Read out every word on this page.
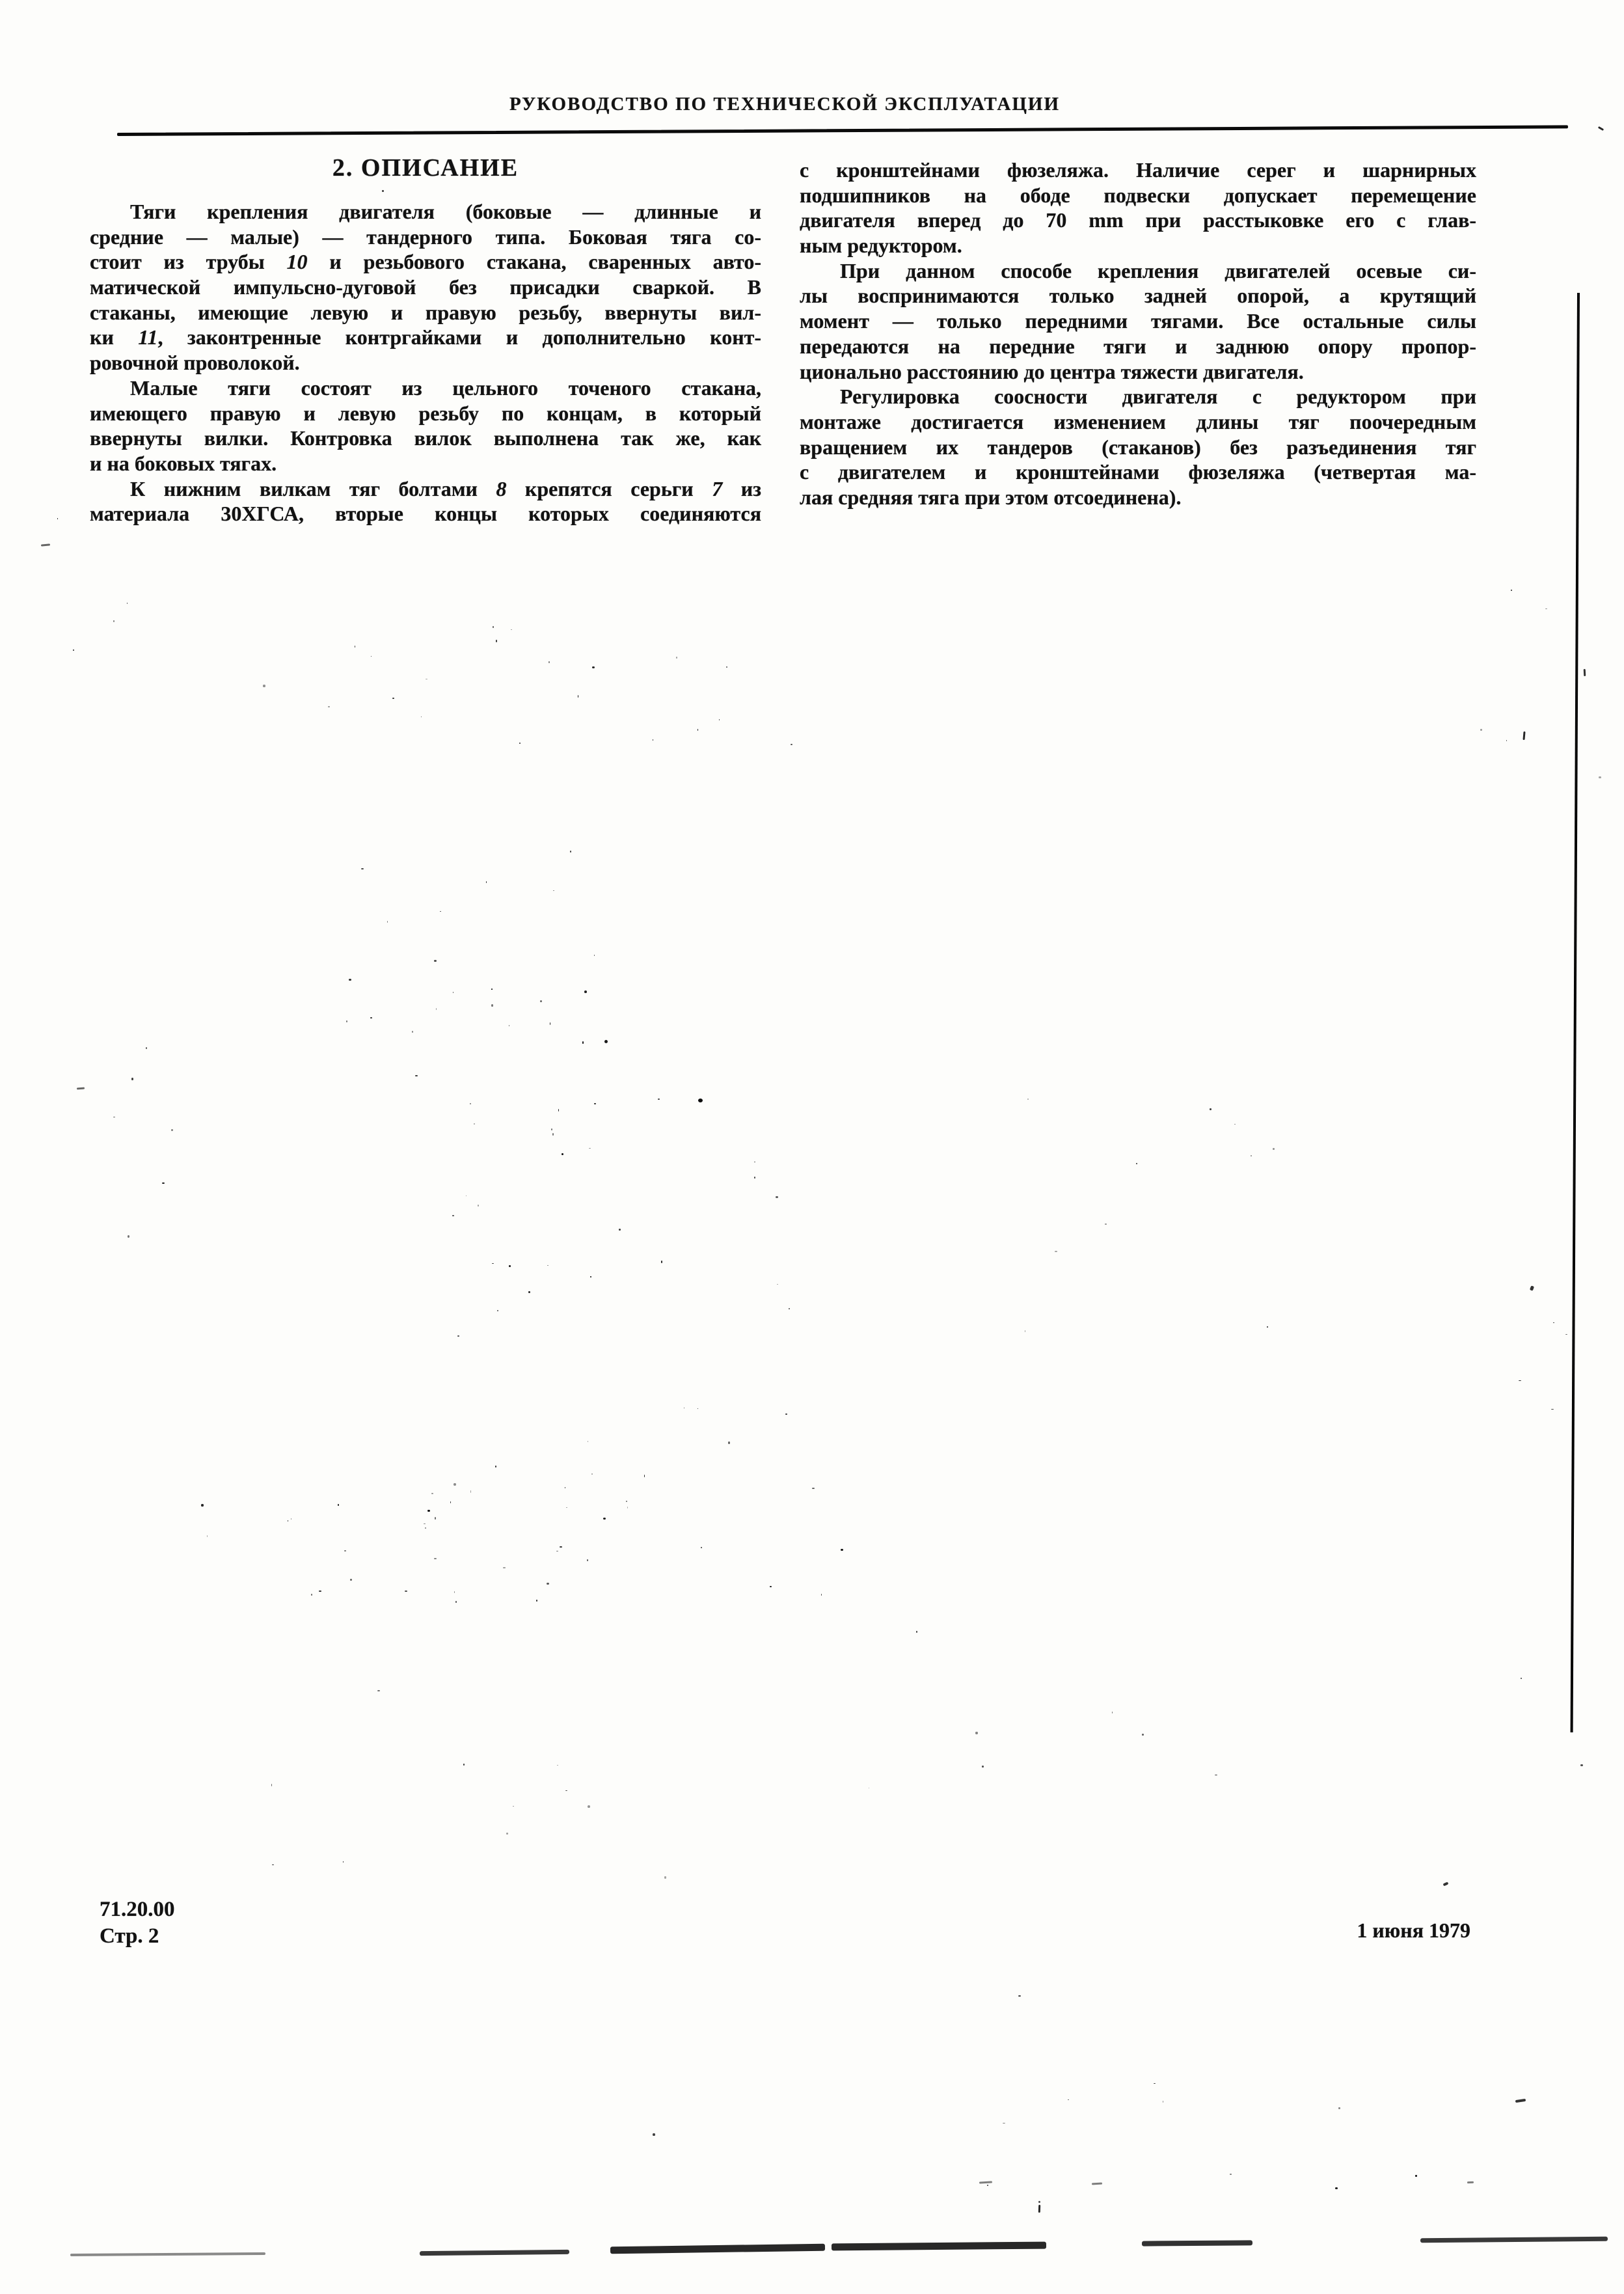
РУКОВОДСТВО ПО ТЕХНИЧЕСКОЙ ЭКСПЛУАТАЦИИ
2. ОПИСАНИЕ
Тяги крепления двигателя (боковые — длинные и
средние — малые) — тандерного типа. Боковая тяга со-
стоит из трубы 10 и резьбового стакана, сваренных авто-
матической импульсно-дуговой без присадки сваркой. В
стаканы, имеющие левую и правую резьбу, ввернуты вил-
ки 11, законтренные контргайками и дополнительно конт-
ровочной проволокой.
Малые тяги состоят из цельного точеного стакана,
имеющего правую и левую резьбу по концам, в который
ввернуты вилки. Контровка вилок выполнена так же, как
и на боковых тягах.
К нижним вилкам тяг болтами 8 крепятся серьги 7 из
материала 30ХГСА, вторые концы которых соединяются
с кронштейнами фюзеляжа. Наличие серег и шарнирных
подшипников на ободе подвески допускает перемещение
двигателя вперед до 70 mm при расстыковке его с глав-
ным редуктором.
При данном способе крепления двигателей осевые си-
лы воспринимаются только задней опорой, а крутящий
момент — только передними тягами. Все остальные силы
передаются на передние тяги и заднюю опору пропор-
ционально расстоянию до центра тяжести двигателя.
Регулировка соосности двигателя с редуктором при
монтаже достигается изменением длины тяг поочередным
вращением их тандеров (стаканов) без разъединения тяг
с двигателем и кронштейнами фюзеляжа (четвертая ма-
лая средняя тяга при этом отсоединена).
71.20.00
Стр. 2	1 июня 1979
